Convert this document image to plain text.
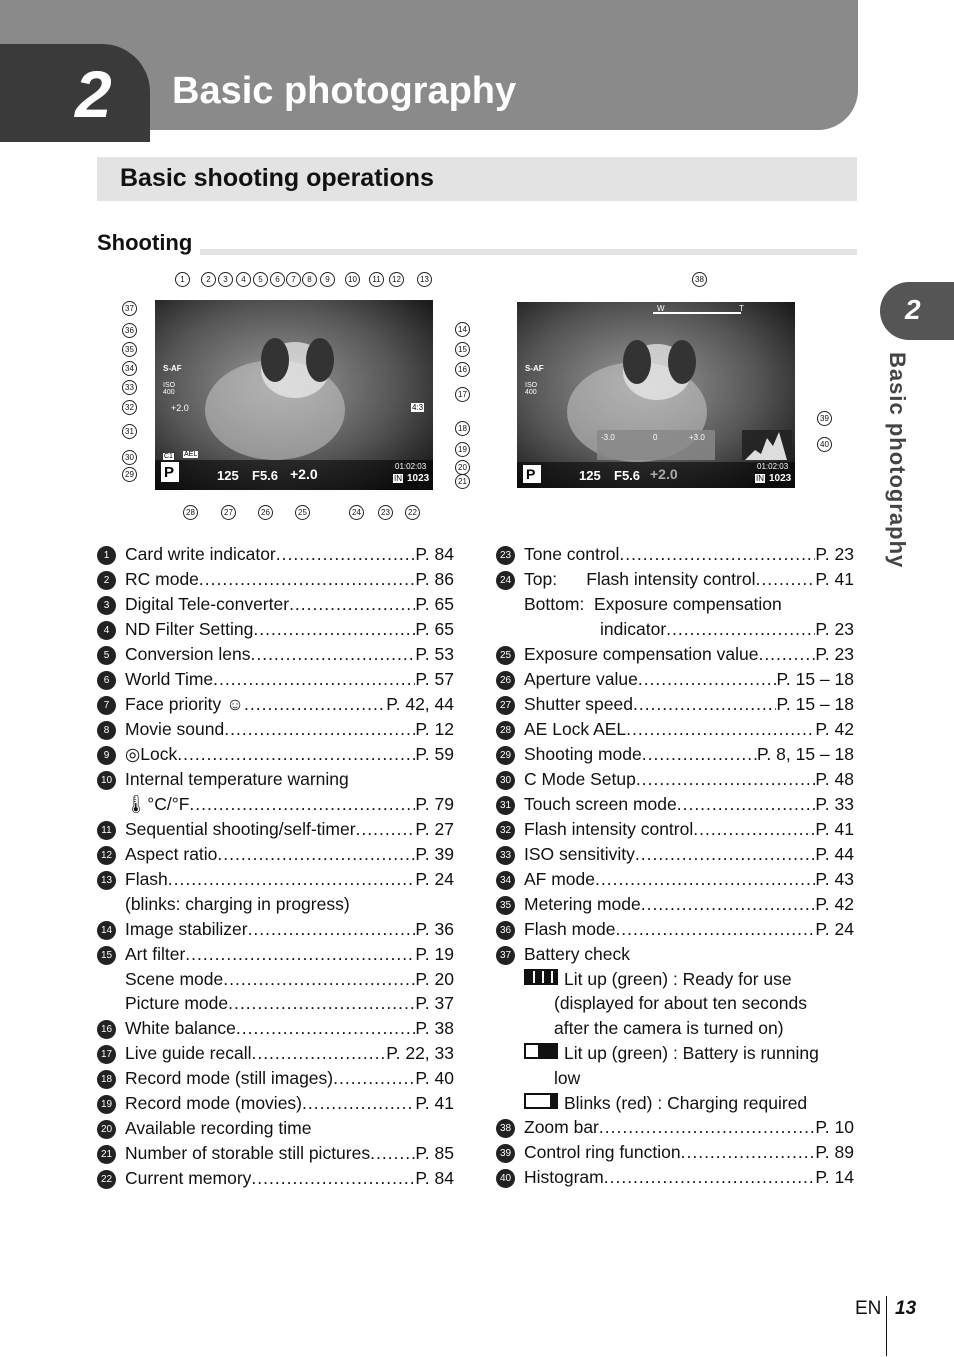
2 Basic photography
Basic shooting operations
Shooting
2
Basic photography
P	125 F5.6 +2.0	01:02:03
IN 1023
ISO 400
S-AF
+2.0	4:3
AEL
C1
W	T
-3.0	0	+3.0
P	125 F5.6 +2.0	01:02:03
IN 1023
S-AF
ISO 400
1	2	3	4	5	6	7	8	9	10	11	12	13
14
15
16
17
18
19
20
21
22
23
24
25
26
27
28
29
30
31
32
33
34
35
36
37
38
39
40
1 Card write indicator .....	P. 84
2 RC mode .....	P. 86
3 Digital Tele-converter .....	P. 65
4 ND Filter Setting .....	P. 65
5 Conversion lens .....	P. 53
6 World Time .....	P. 57
7 Face priority ☺ .....	P. 42, 44
8 Movie sound .....	P. 12
9 ◎Lock .....	P. 59
10 Internal temperature warning
🌡°C/°F .....	P. 79
11 Sequential shooting/self-timer .....	P. 27
12 Aspect ratio .....	P. 39
13 Flash .....	P. 24
(blinks: charging in progress)
14 Image stabilizer .....	P. 36
15 Art filter .....	P. 19
Scene mode .....	P. 20
Picture mode .....	P. 37
16 White balance .....	P. 38
17 Live guide recall .....	P. 22, 33
18 Record mode (still images) .....	P. 40
19 Record mode (movies) .....	P. 41
20 Available recording time
21 Number of storable still pictures .....	P. 85
22 Current memory .....	P. 84
23 Tone control .....	P. 23
24 Top:      Flash intensity control .....	P. 41
Bottom:  Exposure compensation
indicator .....	P. 23
25 Exposure compensation value .....	P. 23
26 Aperture value .....	P. 15 – 18
27 Shutter speed .....	P. 15 – 18
28 AE Lock AEL .....	P. 42
29 Shooting mode .....	P. 8, 15 – 18
30 C Mode Setup .....	P. 48
31 Touch screen mode .....	P. 33
32 Flash intensity control .....	P. 41
33 ISO sensitivity .....	P. 44
34 AF mode .....	P. 43
35 Metering mode .....	P. 42
36 Flash mode .....	P. 24
37 Battery check
Lit up (green) : Ready for use
(displayed for about ten seconds
after the camera is turned on)
Lit up (green) : Battery is running
low
Blinks (red) : Charging required
38 Zoom bar .....	P. 10
39 Control ring function .....	P. 89
40 Histogram .....	P. 14
EN 13
